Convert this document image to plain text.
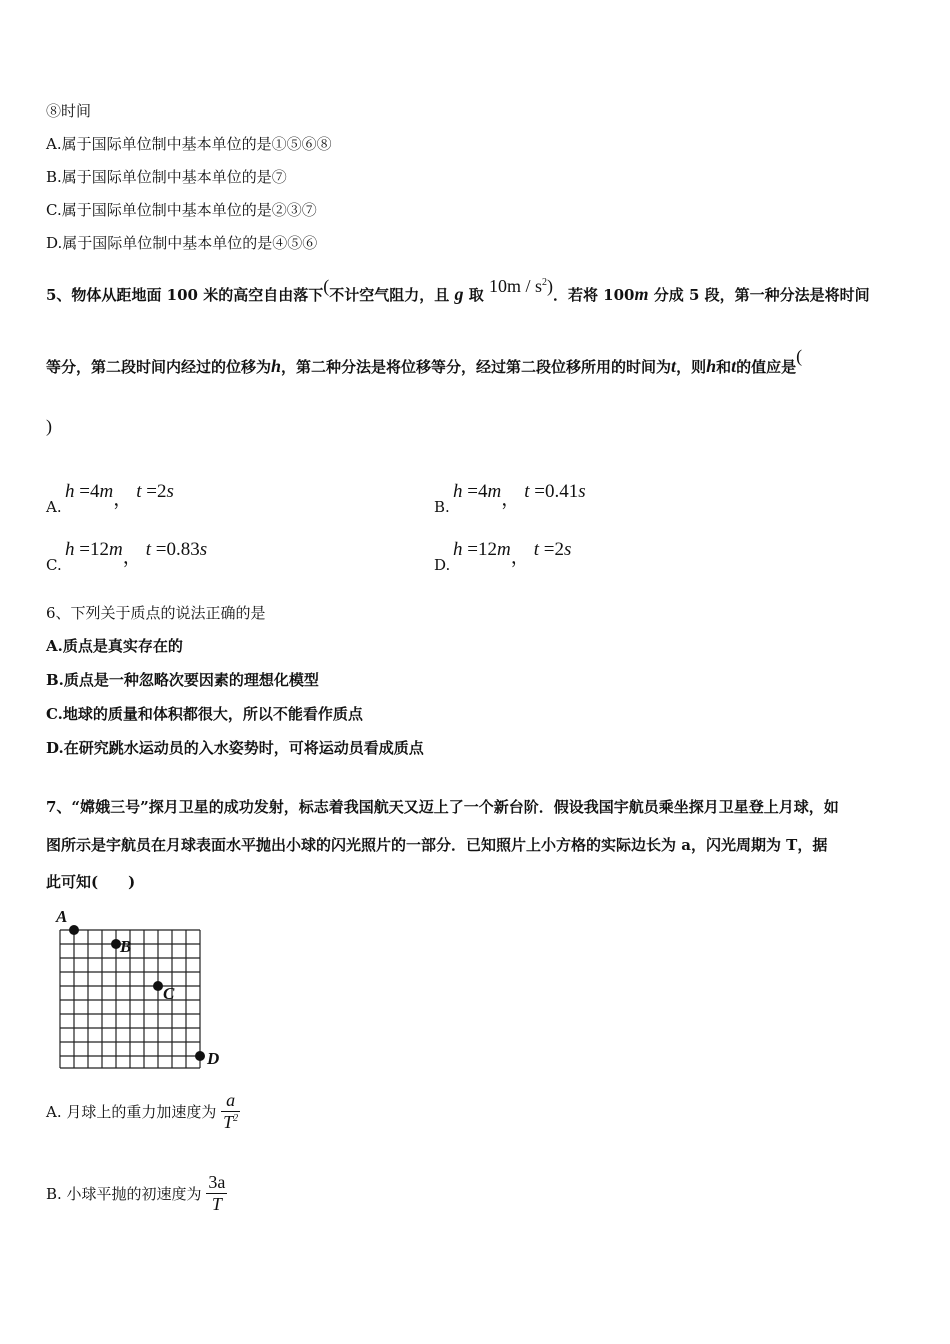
⑧时间
A.属于国际单位制中基本单位的是①⑤⑥⑧
B.属于国际单位制中基本单位的是⑦
C.属于国际单位制中基本单位的是②③⑦
D.属于国际单位制中基本单位的是④⑤⑥
5、物体从距地面 100 米的高空自由落下(不计空气阻力，且 g 取 $10m / s^2$)．若将 100m 分成 5 段，第一种分法是将时间
等分，第二段时间内经过的位移为h，第二种分法是将位移等分，经过第二段位移所用的时间为t，则h和t的值应是(
)
A.
h =4m， t =2s
B.
h =4m， t =0.41s
C.
h =12m， t =0.83s
D.
h =12m， t =2s
6、下列关于质点的说法正确的是
A.质点是真实存在的
B.质点是一种忽略次要因素的理想化模型
C.地球的质量和体积都很大，所以不能看作质点
D.在研究跳水运动员的入水姿势时，可将运动员看成质点
7、“嫦娥三号”探月卫星的成功发射，标志着我国航天又迈上了一个新台阶．假设我国宇航员乘坐探月卫星登上月球，如
图所示是宇航员在月球表面水平抛出小球的闪光照片的一部分．已知照片上小方格的实际边长为 a，闪光周期为 T，据
此可知(　　)
A
B
C
D
A. 月球上的重力加速度为 $\frac{a}{T^2}$
B. 小球平抛的初速度为 $\frac{3a}{T}$
